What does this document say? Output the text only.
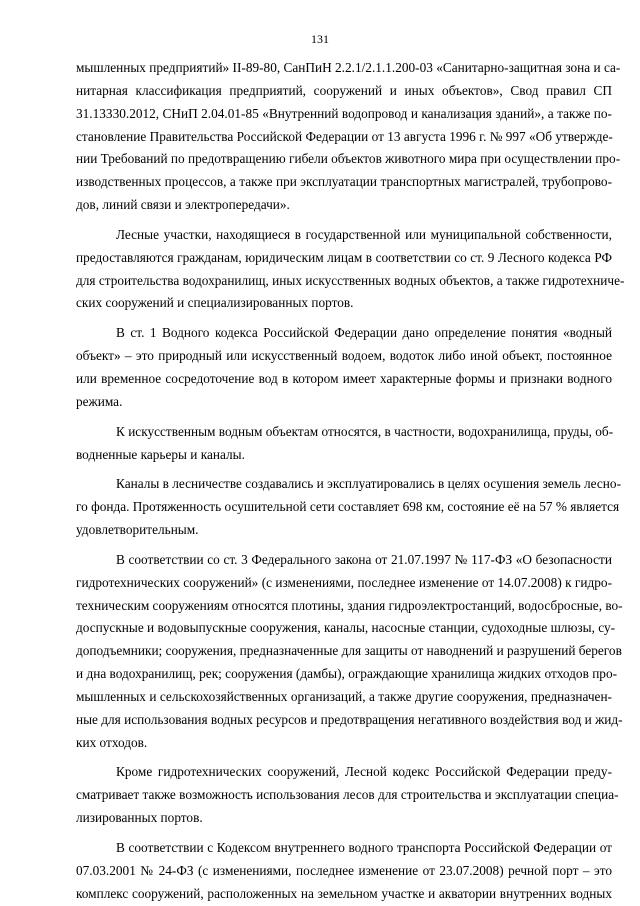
131
мышленных предприятий» II-89-80, СанПиН 2.2.1/2.1.1.200-03 «Санитарно-защитная зона и са-
нитарная классификация предприятий, сооружений и иных объектов», Свод правил СП
31.13330.2012, СНиП 2.04.01-85 «Внутренний водопровод и канализация зданий», а также по-
становление Правительства Российской Федерации от 13 августа 1996 г. № 997 «Об утвержде-
нии Требований по предотвращению гибели объектов животного мира при осуществлении про-
изводственных процессов, а также при эксплуатации транспортных магистралей, трубопрово-
дов, линий связи и электропередачи».
Лесные участки, находящиеся в государственной или муниципальной собственности,
предоставляются гражданам, юридическим лицам в соответствии со ст. 9 Лесного кодекса РФ
для строительства водохранилищ, иных искусственных водных объектов, а также гидротехниче-
ских сооружений и специализированных портов.
В ст. 1 Водного кодекса Российской Федерации дано определение понятия «водный
объект» – это природный или искусственный водоем, водоток либо иной объект, постоянное
или временное сосредоточение вод в котором имеет характерные формы и признаки водного
режима.
К искусственным водным объектам относятся, в частности, водохранилища, пруды, об-
водненные карьеры и каналы.
Каналы в лесничестве создавались и эксплуатировались в целях осушения земель лесно-
го фонда. Протяженность осушительной сети составляет 698 км, состояние её на 57 % является
удовлетворительным.
В соответствии со ст. 3 Федерального закона от 21.07.1997 № 117-ФЗ «О безопасности
гидротехнических сооружений» (с изменениями, последнее изменение от 14.07.2008) к гидро-
техническим сооружениям относятся плотины, здания гидроэлектростанций, водосбросные, во-
доспускные и водовыпускные сооружения, каналы, насосные станции, судоходные шлюзы, су-
доподъемники; сооружения, предназначенные для защиты от наводнений и разрушений берегов
и дна водохранилищ, рек; сооружения (дамбы), ограждающие хранилища жидких отходов про-
мышленных и сельскохозяйственных организаций, а также другие сооружения, предназначен-
ные для использования водных ресурсов и предотвращения негативного воздействия вод и жид-
ких отходов.
Кроме гидротехнических сооружений, Лесной кодекс Российской Федерации преду-
сматривает также возможность использования лесов для строительства и эксплуатации специа-
лизированных портов.
В соответствии с Кодексом внутреннего водного транспорта Российской Федерации от
07.03.2001 № 24-ФЗ (с изменениями, последнее изменение от 23.07.2008) речной порт – это
комплекс сооружений, расположенных на земельном участке и акватории внутренних водных
